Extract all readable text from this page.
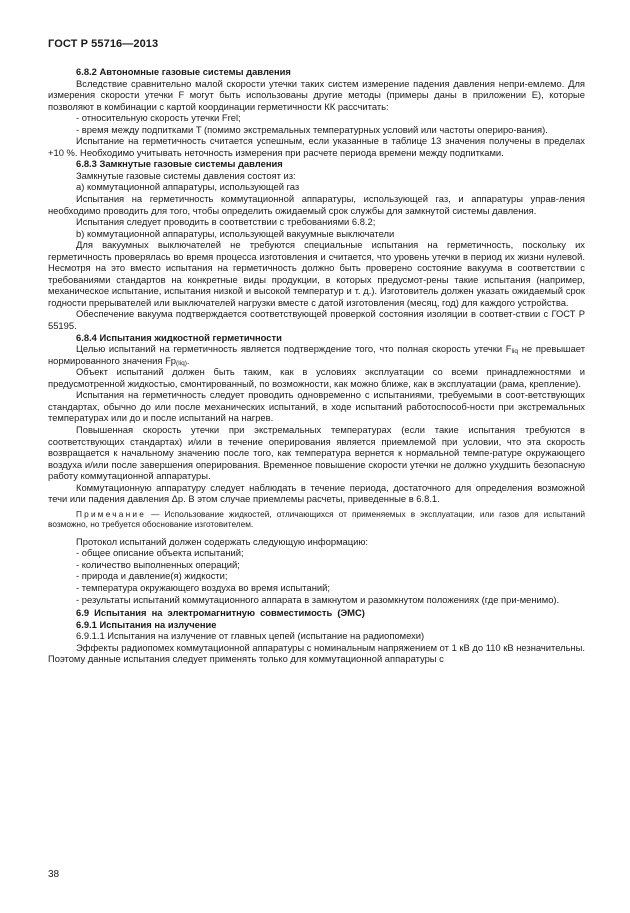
ГОСТ Р 55716—2013

6.8.2 Автономные газовые системы давления

Вследствие сравнительно малой скорости утечки таких систем измерение падения давления непри-емлемо. Для измерения скорости утечки F могут быть использованы другие методы (примеры даны в приложении Е), которые позволяют в комбинации с картой координации герметичности КК рассчитать:

- относительную скорость утечки Frel;

- время между подпитками T (помимо экстремальных температурных условий или частоты опериро-вания).

Испытание на герметичность считается успешным, если указанные в таблице 13 значения получены в пределах +10 %. Необходимо учитывать неточность измерения при расчете периода времени между подпитками.

6.8.3 Замкнутые газовые системы давления

Замкнутые газовые системы давления состоят из:

a) коммутационной аппаратуры, использующей газ

Испытания на герметичность коммутационной аппаратуры, использующей газ, и аппаратуры управ-ления необходимо проводить для того, чтобы определить ожидаемый срок службы для замкнутой системы давления.

Испытания следует проводить в соответствии с требованиями 6.8.2;

b) коммутационной аппаратуры, использующей вакуумные выключатели

Для вакуумных выключателей не требуются специальные испытания на герметичность, поскольку их герметичность проверялась во время процесса изготовления и считается, что уровень утечки в период их жизни нулевой. Несмотря на это вместо испытания на герметичность должно быть проверено состояние вакуума в соответствии с требованиями стандартов на конкретные виды продукции, в которых предусмот-рены такие испытания (например, механическое испытание, испытания низкой и высокой температур и т. д.). Изготовитель должен указать ожидаемый срок годности прерывателей или выключателей нагрузки вместе с датой изготовления (месяц, год) для каждого устройства.

Обеспечение вакуума подтверждается соответствующей проверкой состояния изоляции в соответ-ствии с ГОСТ Р 55195.

6.8.4 Испытания жидкостной герметичности

Целью испытаний на герметичность является подтверждение того, что полная скорость утечки $F_{liq}$ не превышает нормированного значения $Fp_{(liq)}$.

Объект испытаний должен быть таким, как в условиях эксплуатации со всеми принадлежностями и предусмотренной жидкостью, смонтированный, по возможности, как можно ближе, как в эксплуатации (рама, крепление).

Испытания на герметичность следует проводить одновременно с испытаниями, требуемыми в соот-ветствующих стандартах, обычно до или после механических испытаний, в ходе испытаний работоспособ-ности при экстремальных температурах или до и после испытаний на нагрев.

Повышенная скорость утечки при экстремальных температурах (если такие испытания требуются в соответствующих стандартах) и/или в течение оперирования является приемлемой при условии, что эта скорость возвращается к начальному значению после того, как температура вернется к нормальной темпе-ратуре окружающего воздуха и/или после завершения оперирования. Временное повышение скорости утечки не должно ухудшить безопасную работу коммутационной аппаратуры.

Коммутационную аппаратуру следует наблюдать в течение периода, достаточного для определения возможной течи или падения давления Δp. В этом случае приемлемы расчеты, приведенные в 6.8.1.

Примечание — Использование жидкостей, отличающихся от применяемых в эксплуатации, или газов для испытаний возможно, но требуется обоснование изготовителем.

Протокол испытаний должен содержать следующую информацию:

- общее описание объекта испытаний;

- количество выполненных операций;

- природа и давление(я) жидкости;

- температура окружающего воздуха во время испытаний;

- результаты испытаний коммутационного аппарата в замкнутом и разомкнутом положениях (где при-менимо).

6.9 Испытания на электромагнитную совместимость (ЭМС)

6.9.1 Испытания на излучение

6.9.1.1 Испытания на излучение от главных цепей (испытание на радиопомехи)

Эффекты радиопомех коммутационной аппаратуры с номинальным напряжением от 1 кВ до 110 кВ незначительны. Поэтому данные испытания следует применять только для коммутационной аппаратуры с

38
